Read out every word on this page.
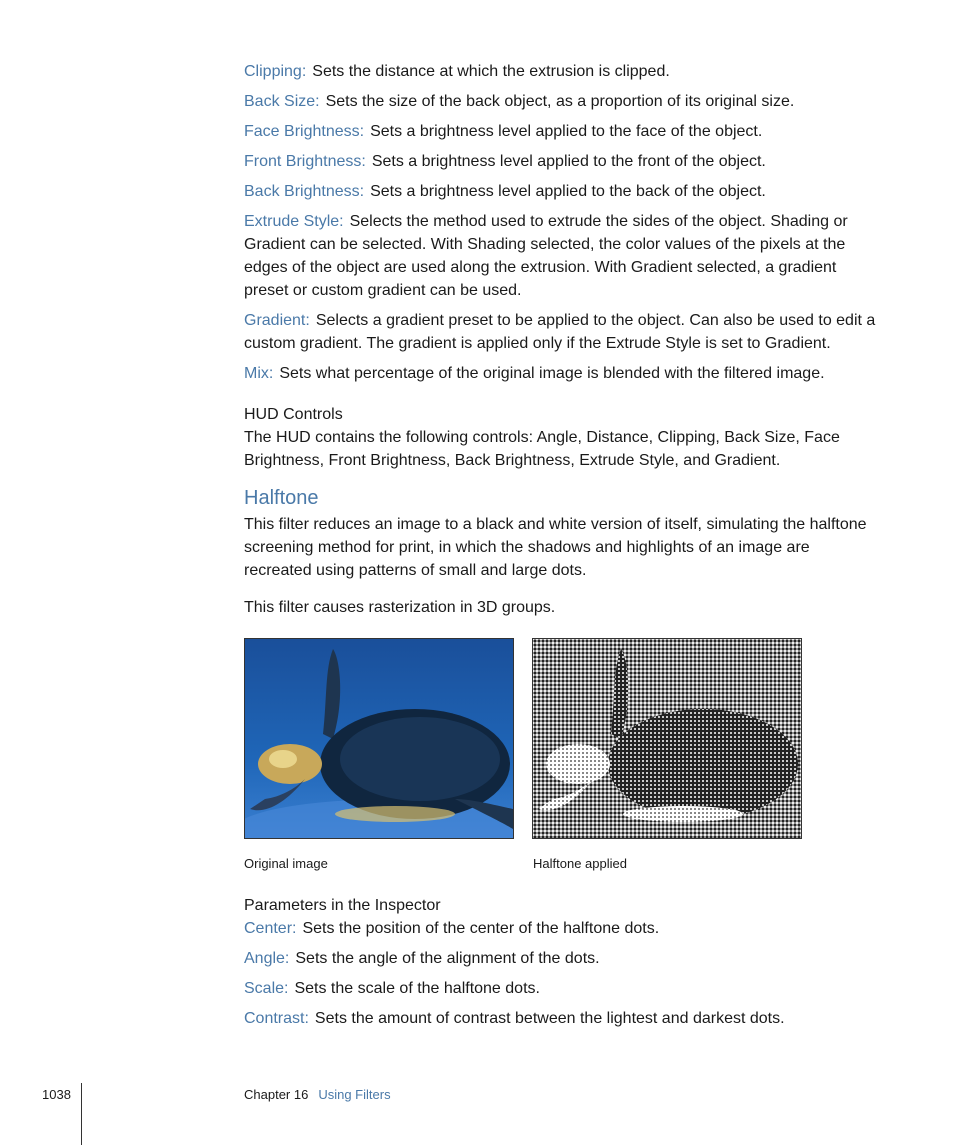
Clipping: Sets the distance at which the extrusion is clipped.
Back Size: Sets the size of the back object, as a proportion of its original size.
Face Brightness: Sets a brightness level applied to the face of the object.
Front Brightness: Sets a brightness level applied to the front of the object.
Back Brightness: Sets a brightness level applied to the back of the object.
Extrude Style: Selects the method used to extrude the sides of the object. Shading or Gradient can be selected. With Shading selected, the color values of the pixels at the edges of the object are used along the extrusion. With Gradient selected, a gradient preset or custom gradient can be used.
Gradient: Selects a gradient preset to be applied to the object. Can also be used to edit a custom gradient. The gradient is applied only if the Extrude Style is set to Gradient.
Mix: Sets what percentage of the original image is blended with the filtered image.
HUD Controls

The HUD contains the following controls: Angle, Distance, Clipping, Back Size, Face Brightness, Front Brightness, Back Brightness, Extrude Style, and Gradient.

Halftone

This filter reduces an image to a black and white version of itself, simulating the halftone screening method for print, in which the shadows and highlights of an image are recreated using patterns of small and large dots.

This filter causes rasterization in 3D groups.

Original image	Halftone applied
Parameters in the Inspector
Center: Sets the position of the center of the halftone dots.
Angle: Sets the angle of the alignment of the dots.
Scale: Sets the scale of the halftone dots.
Contrast: Sets the amount of contrast between the lightest and darkest dots.
1038	Chapter 16 Using Filters
